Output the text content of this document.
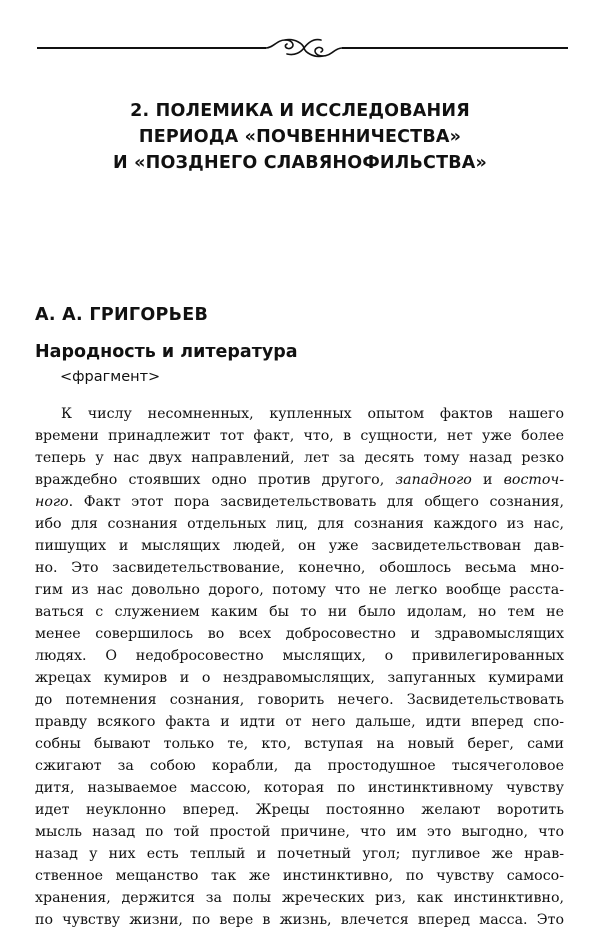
2. ПОЛЕМИКА И ИССЛЕДОВАНИЯ
ПЕРИОДА «ПОЧВЕННИЧЕСТВА»
И «ПОЗДНЕГО СЛАВЯНОФИЛЬСТВА»
А. А. ГРИГОРЬЕВ
Народность и литература
<фрагмент>
К числу несомненных, купленных опытом фактов нашего
времени принадлежит тот факт, что, в сущности, нет уже более
теперь у нас двух направлений, лет за десять тому назад резко
враждебно стоявших одно против другого, западного и восточ-
ного. Факт этот пора засвидетельствовать для общего сознания,
ибо для сознания отдельных лиц, для сознания каждого из нас,
пишущих и мыслящих людей, он уже засвидетельствован дав-
но. Это засвидетельствование, конечно, обошлось весьма мно-
гим из нас довольно дорого, потому что не легко вообще расста-
ваться с служением каким бы то ни было идолам, но тем не
менее совершилось во всех добросовестно и здравомыслящих
людях. О недобросовестно мыслящих, о привилегированных
жрецах кумиров и о нездравомыслящих, запуганных кумирами
до потемнения сознания, говорить нечего. Засвидетельствовать
правду всякого факта и идти от него дальше, идти вперед спо-
собны бывают только те, кто, вступая на новый берег, сами
сжигают за собою корабли, да простодушное тысячеголовое
дитя, называемое массою, которая по инстинктивному чувству
идет неуклонно вперед. Жрецы постоянно желают воротить
мысль назад по той простой причине, что им это выгодно, что
назад у них есть теплый и почетный угол; пугливое же нрав-
ственное мещанство так же инстинктивно, по чувству самосо-
хранения, держится за полы жреческих риз, как инстинктивно,
по чувству жизни, по вере в жизнь, влечется вперед масса. Это
